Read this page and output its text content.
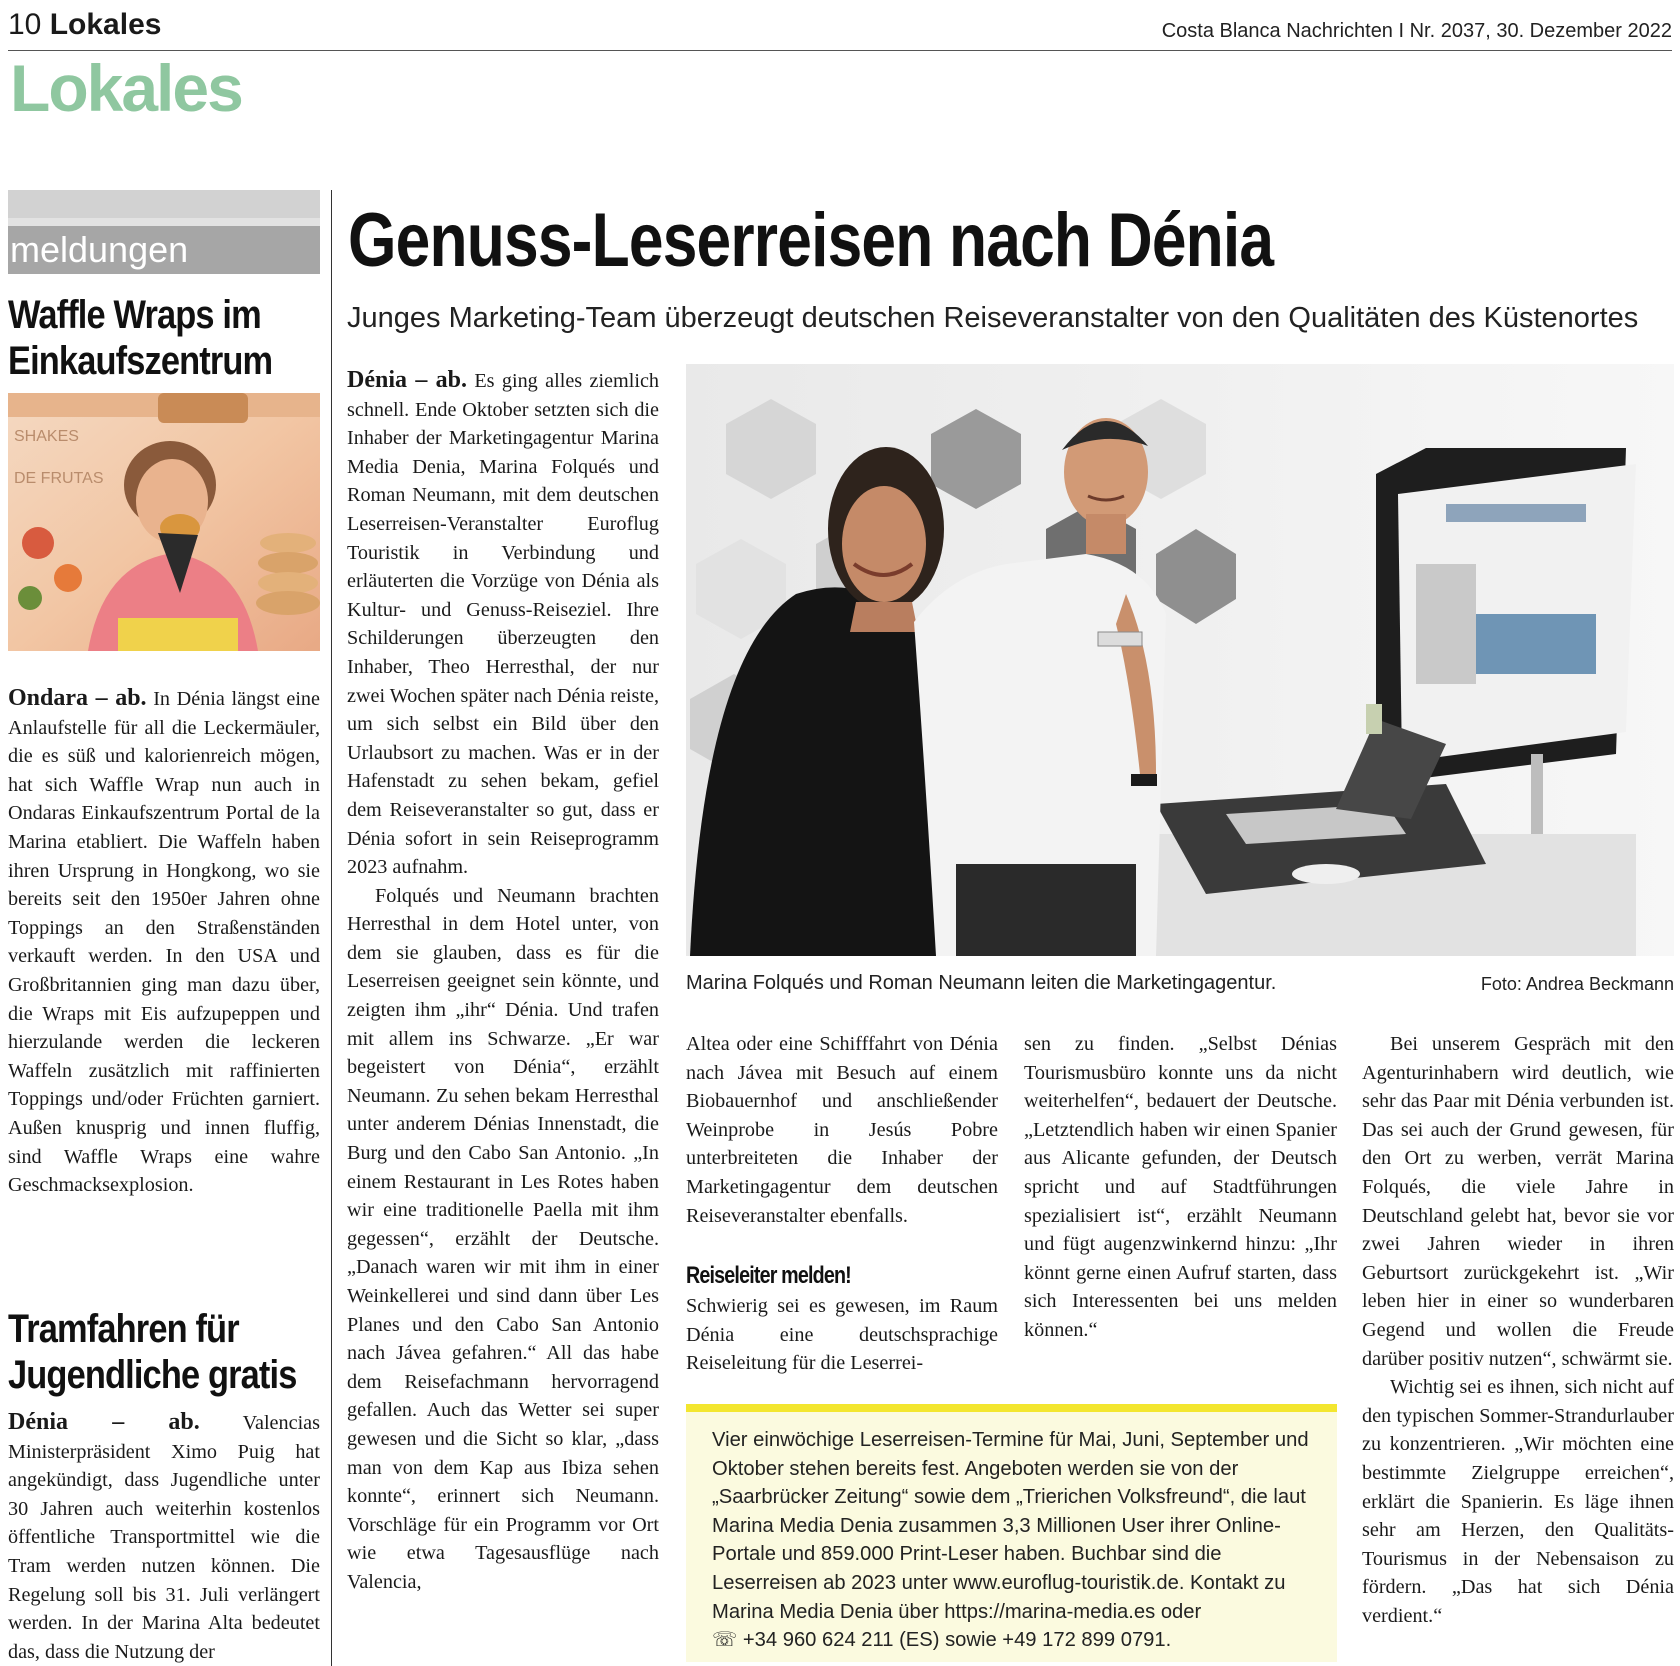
10 Lokales	Costa Blanca Nachrichten I Nr. 2037, 30. Dezember 2022
Lokales
meldungen
Waffle Wraps im
Einkaufszentrum
SHAKES
DE FRUTAS
Ondara – ab. In Dénia längst eine Anlaufstelle für all die Leckermäuler, die es süß und kalorienreich mögen, hat sich Waffle Wrap nun auch in Ondaras Einkaufszentrum Portal de la Marina etabliert. Die Waffeln haben ihren Ursprung in Hongkong, wo sie bereits seit den 1950er Jahren ohne Toppings an den Straßenständen verkauft werden. In den USA und Großbritannien ging man dazu über, die Wraps mit Eis aufzupeppen und hierzulande werden die leckeren Waffeln zusätzlich mit raffinierten Toppings und/oder Früchten garniert. Außen knusprig und innen fluffig, sind Waffle Wraps eine wahre Geschmacksexplosion.
Tramfahren für
Jugendliche gratis
Dénia – ab. Valencias Ministerpräsident Ximo Puig hat angekündigt, dass Jugendliche unter 30 Jahren auch weiterhin kostenlos öffentliche Transportmittel wie die Tram werden nutzen können. Die Regelung soll bis 31. Juli verlängert werden. In der Marina Alta bedeutet das, dass die Nutzung der
Genuss-Leserreisen nach Dénia
Junges Marketing-Team überzeugt deutschen Reiseveranstalter von den Qualitäten des Küstenortes
Dénia – ab. Es ging alles ziemlich schnell. Ende Oktober setzten sich die Inhaber der Marketingagentur Marina Media Denia, Marina Folqués und Roman Neumann, mit dem deutschen Leserreisen-Veranstalter Euroflug Touristik in Verbindung und erläuterten die Vorzüge von Dénia als Kultur- und Genuss-Reiseziel. Ihre Schilderungen überzeugten den Inhaber, Theo Herresthal, der nur zwei Wochen später nach Dénia reiste, um sich selbst ein Bild über den Urlaubsort zu machen. Was er in der Hafenstadt zu sehen bekam, gefiel dem Reiseveranstalter so gut, dass er Dénia sofort in sein Reiseprogramm 2023 aufnahm.
Folqués und Neumann brachten Herresthal in dem Hotel unter, von dem sie glauben, dass es für die Leserreisen geeignet sein könnte, und zeigten ihm „ihr“ Dénia. Und trafen mit allem ins Schwarze. „Er war begeistert von Dénia“, erzählt Neumann. Zu sehen bekam Herresthal unter anderem Dénias Innenstadt, die Burg und den Cabo San Antonio. „In einem Restaurant in Les Rotes haben wir eine traditionelle Paella mit ihm gegessen“, erzählt der Deutsche. „Danach waren wir mit ihm in einer Weinkellerei und sind dann über Les Planes und den Cabo San Antonio nach Jávea gefahren.“ All das habe dem Reisefachmann hervorragend gefallen. Auch das Wetter sei super gewesen und die Sicht so klar, „dass man von dem Kap aus Ibiza sehen konnte“, erinnert sich Neumann. Vorschläge für ein Programm vor Ort wie etwa Tagesausflüge nach Valencia,
Marina Folqués und Roman Neumann leiten die Marketingagentur.	Foto: Andrea Beckmann
Altea oder eine Schifffahrt von Dénia nach Jávea mit Besuch auf einem Biobauernhof und anschließender Weinprobe in Jesús Pobre unterbreiteten die Inhaber der Marketingagentur dem deutschen Reiseveranstalter ebenfalls.
Reiseleiter melden!
Schwierig sei es gewesen, im Raum Dénia eine deutschsprachige Reiseleitung für die Leserrei-
sen zu finden. „Selbst Dénias Tourismusbüro konnte uns da nicht weiterhelfen“, bedauert der Deutsche. „Letztendlich haben wir einen Spanier aus Alicante gefunden, der Deutsch spricht und auf Stadtführungen spezialisiert ist“, erzählt Neumann und fügt augenzwinkernd hinzu: „Ihr könnt gerne einen Aufruf starten, dass sich Interessenten bei uns melden können.“
Bei unserem Gespräch mit den Agenturinhabern wird deutlich, wie sehr das Paar mit Dénia verbunden ist. Das sei auch der Grund gewesen, für den Ort zu werben, verrät Marina Folqués, die viele Jahre in Deutschland gelebt hat, bevor sie vor zwei Jahren wieder in ihren Geburtsort zurückgekehrt ist. „Wir leben hier in einer so wunderbaren Gegend und wollen die Freude darüber positiv nutzen“, schwärmt sie.
Wichtig sei es ihnen, sich nicht auf den typischen Sommer-Strandurlauber zu konzentrieren. „Wir möchten eine bestimmte Zielgruppe erreichen“, erklärt die Spanierin. Es läge ihnen sehr am Herzen, den Qualitäts-Tourismus in der Nebensaison zu fördern. „Das hat sich Dénia verdient.“
Vier einwöchige Leserreisen-Termine für Mai, Juni, September und Oktober stehen bereits fest. Angeboten werden sie von der „Saarbrücker Zeitung“ sowie dem „Trierichen Volksfreund“, die laut Marina Media Denia zusammen 3,3 Millionen User ihrer Online-Portale und 859.000 Print-Leser haben. Buchbar sind die Leserreisen ab 2023 unter www.euroflug-touristik.de. Kontakt zu Marina Media Denia über https://marina-media.es oder
☏ +34 960 624 211 (ES) sowie +49 172 899 0791.
